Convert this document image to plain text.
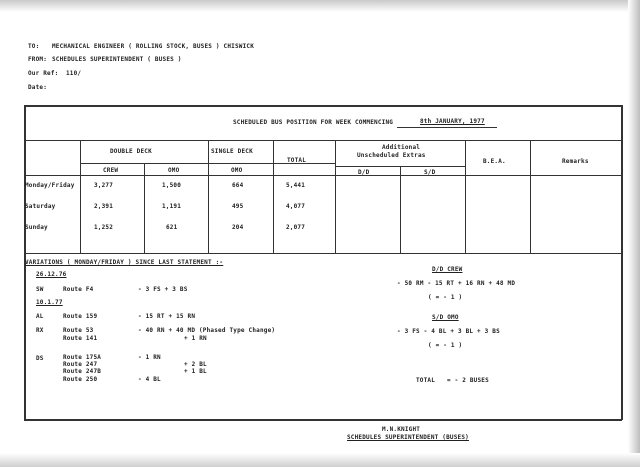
TO: MECHANICAL ENGINEER ( ROLLING STOCK, BUSES ) CHISWICK
FROM: SCHEDULES SUPERINTENDENT ( BUSES )
Our Ref: 110/
Date:
SCHEDULED BUS POSITION FOR WEEK COMMENCING	8th JANUARY, 1977
DOUBLE DECK	SINGLE DECK
TOTAL
Additional
Unscheduled Extras
B.E.A.	Remarks
CREW	OMO	OMO	D/D	S/D
Monday/Friday	3,277	1,500	664	5,441
Saturday	2,391	1,191	495	4,077
Sunday	1,252	621	204	2,077
VARIATIONS ( MONDAY/FRIDAY ) SINCE LAST STATEMENT :-
26.12.76
SW	Route F4	- 3 FS + 3 BS
10.1.77
AL	Route 159	- 15 RT + 15 RN
RX	Route 53	- 40 RN + 40 MD (Phased Type Change)
Route 141	+ 1 RN
DS	Route 175A	- 1 RN
Route 247	+ 2 BL
Route 247B	+ 1 BL
Route 250	- 4 BL
D/D CREW
- 50 RM - 15 RT + 16 RN + 48 MD
( = - 1 )
S/D OMO
- 3 FS - 4 BL + 3 BL + 3 BS
( = - 1 )
TOTAL = - 2 BUSES
M.N.KNIGHT
SCHEDULES SUPERINTENDENT (BUSES)
